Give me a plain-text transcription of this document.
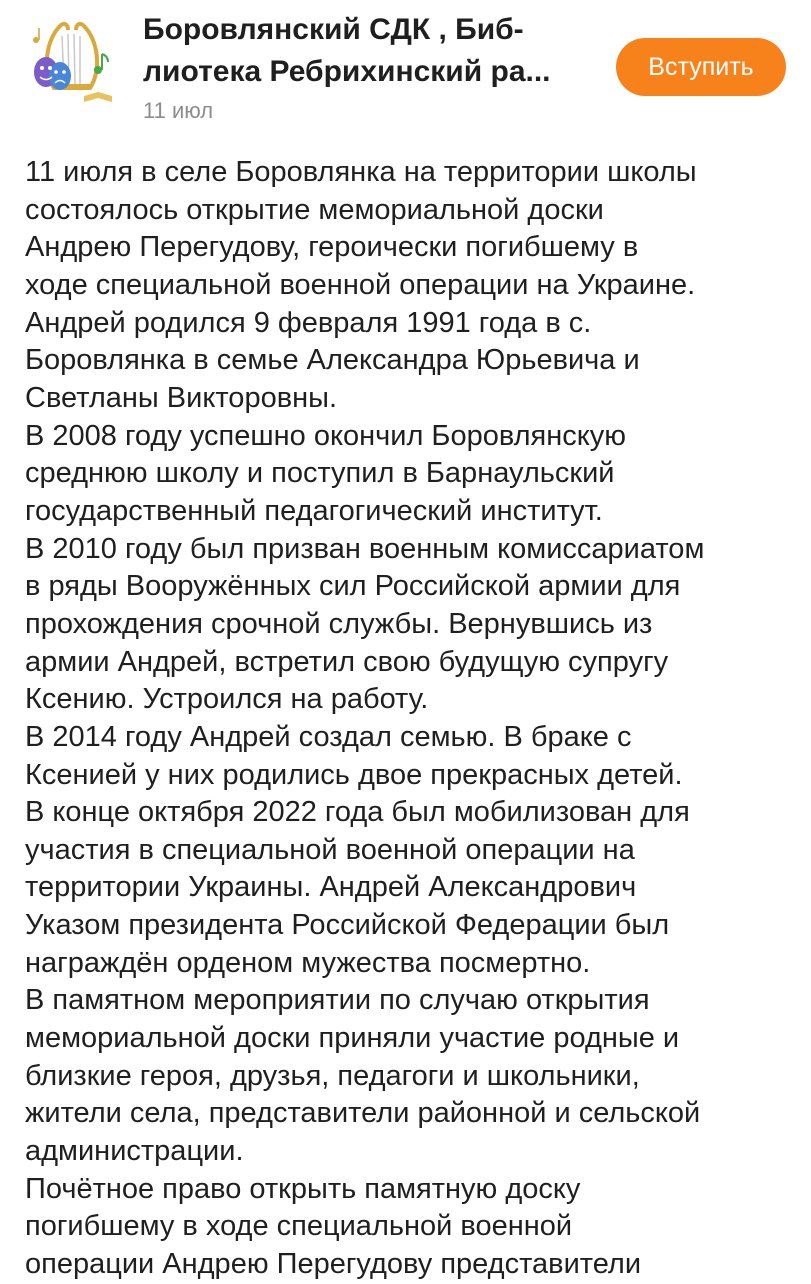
Боровлянский СДК , Биб-
лиотека Ребрихинский ра...
11 июл
Вступить
11 июля в селе Боровлянка на территории школы
состоялось открытие мемориальной доски
Андрею Перегудову, героически погибшему в
ходе специальной военной операции на Украине.
Андрей родился 9 февраля 1991 года в с.
Боровлянка в семье Александра Юрьевича и
Светланы Викторовны.
В 2008 году успешно окончил Боровлянскую
среднюю школу и поступил в Барнаульский
государственный педагогический институт.
В 2010 году был призван военным комиссариатом
в ряды Вооружённых сил Российской армии для
прохождения срочной службы. Вернувшись из
армии Андрей, встретил свою будущую супругу
Ксению. Устроился на работу.
В 2014 году Андрей создал семью. В браке с
Ксенией у них родились двое прекрасных детей.
В конце октября 2022 года был мобилизован для
участия в специальной военной операции на
территории Украины. Андрей Александрович
Указом президента Российской Федерации был
награждён орденом мужества посмертно.
В памятном мероприятии по случаю открытия
мемориальной доски приняли участие родные и
близкие героя, друзья, педагоги и школьники,
жители села, представители районной и сельской
администрации.
Почётное право открыть памятную доску
погибшему в ходе специальной военной
операции Андрею Перегудову представители
